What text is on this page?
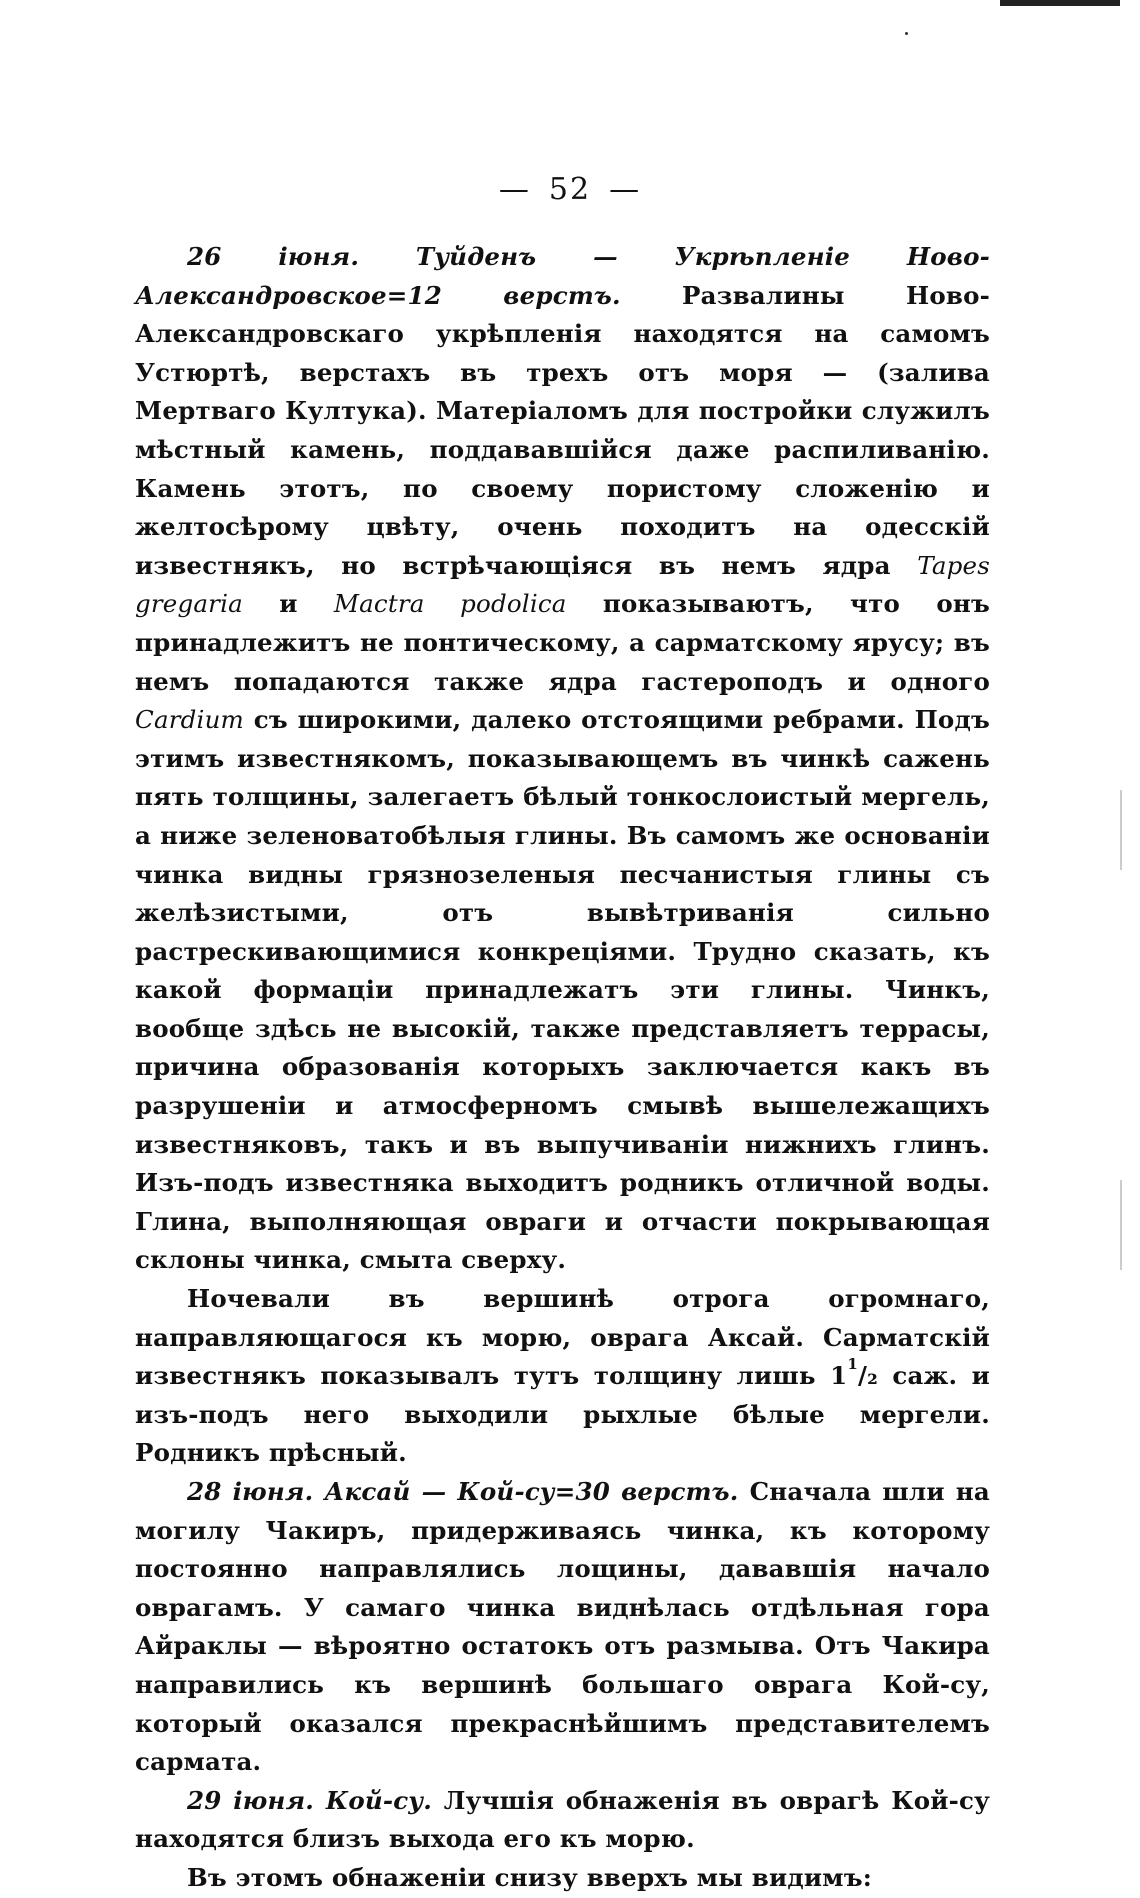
— 52 —

26 іюня. Туйденъ — Укрѣпленіе Ново-Александровское=12 верстъ. Развалины Ново-Александровскаго укрѣпленія находятся на самомъ Устюртѣ, верстахъ въ трехъ отъ моря — (залива Мертваго Култука). Матеріаломъ для постройки служилъ мѣстный камень, поддававшійся даже распиливанію. Камень этотъ, по своему пористому сложенію и желтосѣрому цвѣту, очень походитъ на одесскій известнякъ, но встрѣчающіяся въ немъ ядра Tapes gregaria и Mactra podolica показываютъ, что онъ принадлежитъ не понтическому, а сарматскому ярусу; въ немъ попадаются также ядра гастероподъ и одного Cardium съ широкими, далеко отстоящими ребрами. Подъ этимъ известнякомъ, показывающемъ въ чинкѣ сажень пять толщины, залегаетъ бѣлый тонкослоистый мергель, а ниже зеленоватобѣлыя глины. Въ самомъ же основаніи чинка видны грязнозеленыя песчанистыя глины съ желѣзистыми, отъ вывѣтриванія сильно растрескивающимися конкреціями. Трудно сказать, къ какой формаціи принадлежатъ эти глины. Чинкъ, вообще здѣсь не высокій, также представляетъ террасы, причина образованія которыхъ заключается какъ въ разрушеніи и атмосферномъ смывѣ вышележащихъ известняковъ, такъ и въ выпучиваніи нижнихъ глинъ. Изъ-подъ известняка выходитъ родникъ отличной воды. Глина, выполняющая овраги и отчасти покрывающая склоны чинка, смыта сверху.

Ночевали въ вершинѣ отрога огромнаго, направляющагося къ морю, оврага Аксай. Сарматскій известнякъ показывалъ тутъ толщину лишь $1^1/_2$ саж. и изъ-подъ него выходили рыхлые бѣлые мергели. Родникъ прѣсный.

28 іюня. Аксай — Кой-су=30 верстъ. Сначала шли на могилу Чакиръ, придерживаясь чинка, къ которому постоянно направлялись лощины, дававшія начало оврагамъ. У самаго чинка виднѣлась отдѣльная гора Айраклы — вѣроятно остатокъ отъ размыва. Отъ Чакира направились къ вершинѣ большаго оврага Кой-су, который оказался прекраснѣйшимъ представителемъ сармата.

29 іюня. Кой-су. Лучшія обнаженія въ оврагѣ Кой-су находятся близъ выхода его къ морю.

Въ этомъ обнаженіи снизу вверхъ мы видимъ:
